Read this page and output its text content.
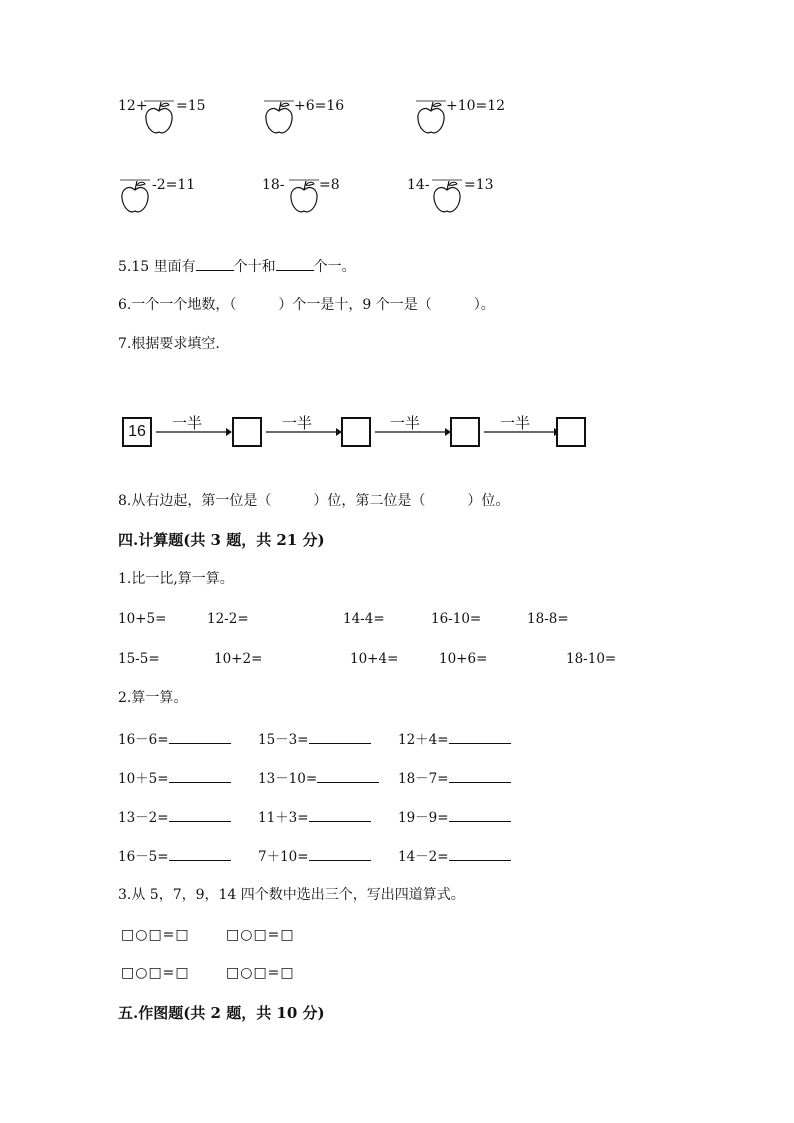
12+ =15	+6=16	+10=12
-2=11	18- =8	14- =13
5.15 里面有	个十和	个一。
6.一个一个地数，（　　　）个一是十，9 个一是（　　　）。
7.根据要求填空.
16	一半	一半	一半	一半
8.从右边起，第一位是（　　　）位，第二位是（　　　）位。
四.计算题(共 3 题，共 21 分)
1.比一比,算一算。
10+5=	12-2=	14-4=	16-10=	18-8=
15-5=	10+2=	10+4=	10+6=	18-10=
2.算一算。
16－6=	15－3=	12＋4=
10＋5=	13－10=	18－7=
13－2=	11＋3=	19－9=
16－5=	7＋10=	14－2=
3.从 5，7，9，14 四个数中选出三个，写出四道算式。
□○□=□	□○□=□
□○□=□	□○□=□
五.作图题(共 2 题，共 10 分)
